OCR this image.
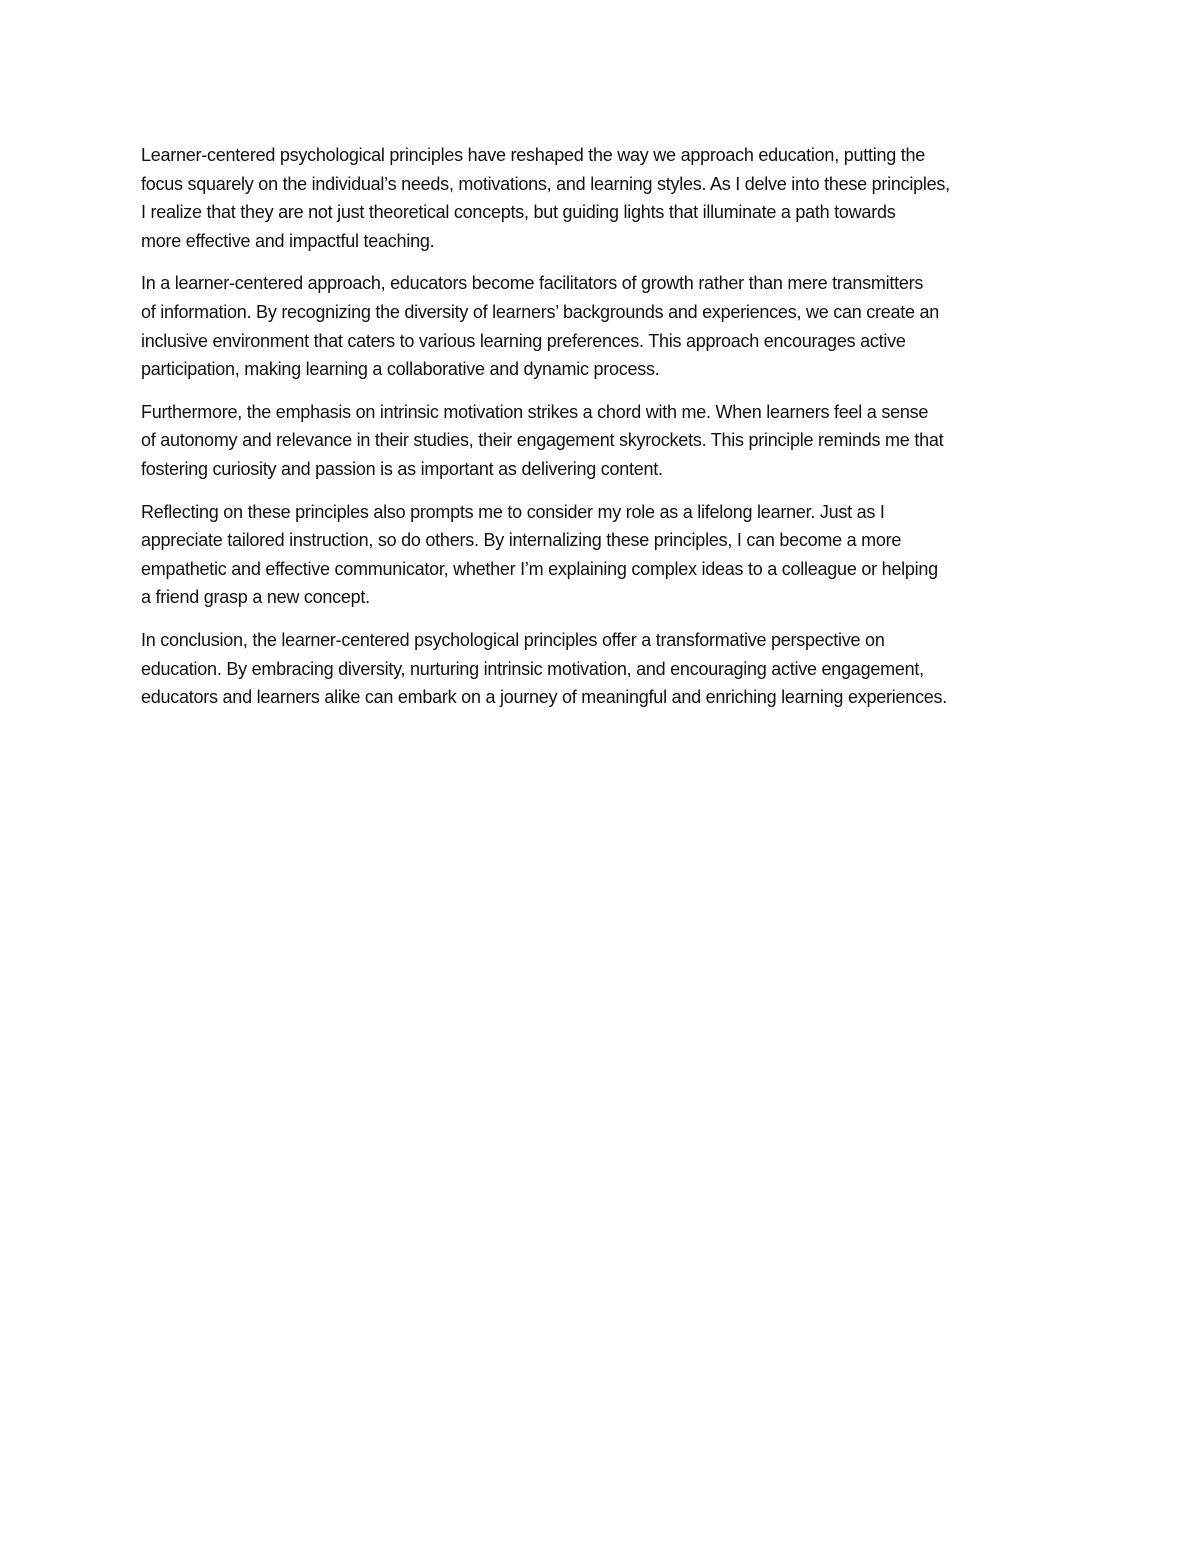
Learner-centered psychological principles have reshaped the way we approach education, putting the
focus squarely on the individual’s needs, motivations, and learning styles. As I delve into these principles,
I realize that they are not just theoretical concepts, but guiding lights that illuminate a path towards
more effective and impactful teaching.

In a learner-centered approach, educators become facilitators of growth rather than mere transmitters
of information. By recognizing the diversity of learners’ backgrounds and experiences, we can create an
inclusive environment that caters to various learning preferences. This approach encourages active
participation, making learning a collaborative and dynamic process.

Furthermore, the emphasis on intrinsic motivation strikes a chord with me. When learners feel a sense
of autonomy and relevance in their studies, their engagement skyrockets. This principle reminds me that
fostering curiosity and passion is as important as delivering content.

Reflecting on these principles also prompts me to consider my role as a lifelong learner. Just as I
appreciate tailored instruction, so do others. By internalizing these principles, I can become a more
empathetic and effective communicator, whether I’m explaining complex ideas to a colleague or helping
a friend grasp a new concept.

In conclusion, the learner-centered psychological principles offer a transformative perspective on
education. By embracing diversity, nurturing intrinsic motivation, and encouraging active engagement,
educators and learners alike can embark on a journey of meaningful and enriching learning experiences.
